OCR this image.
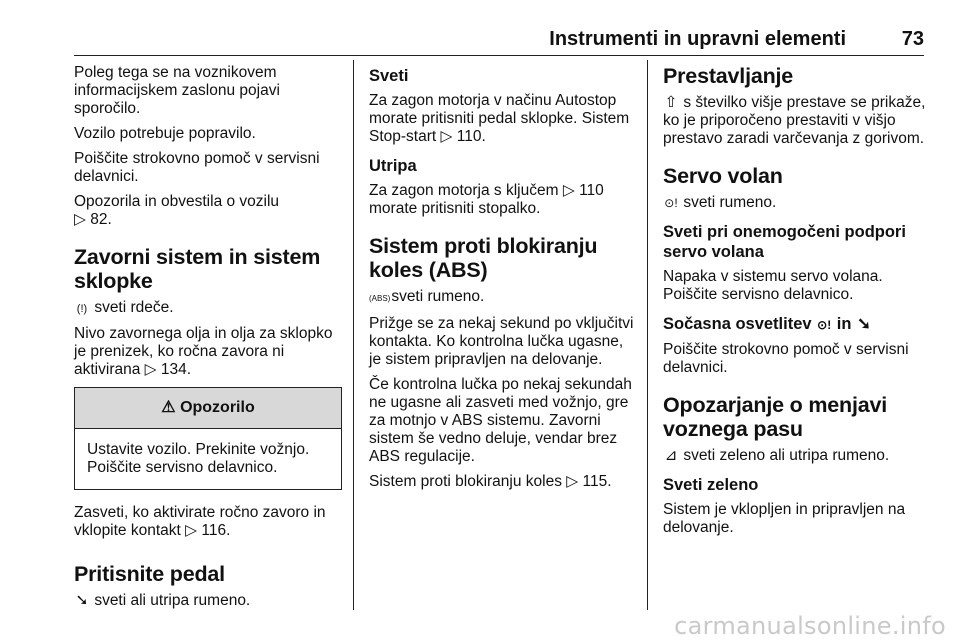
Instrumenti in upravni elementi	73

Poleg tega se na voznikovem informacijskem zaslonu pojavi sporočilo.

Vozilo potrebuje popravilo.

Poiščite strokovno pomoč v servisni delavnici.

Opozorila in obvestila o vozilu
▷ 82.

Zavorni sistem in sistem sklopke

(!) sveti rdeče.

Nivo zavornega olja in olja za sklopko je prenizek, ko ročna zavora ni aktivirana ▷ 134.

⚠ Opozorilo
Ustavite vozilo. Prekinite vožnjo. Poiščite servisno delavnico.

Zasveti, ko aktivirate ročno zavoro in vklopite kontakt ▷ 116.

Pritisnite pedal

➘ sveti ali utripa rumeno.

Sveti

Za zagon motorja v načinu Autostop morate pritisniti pedal sklopke. Sistem Stop-start ▷ 110.

Utripa

Za zagon motorja s ključem ▷ 110 morate pritisniti stopalko.

Sistem proti blokiranju koles (ABS)

(ABS) sveti rumeno.

Prižge se za nekaj sekund po vključitvi kontakta. Ko kontrolna lučka ugasne, je sistem pripravljen na delovanje.

Če kontrolna lučka po nekaj sekundah ne ugasne ali zasveti med vožnjo, gre za motnjo v ABS sistemu. Zavorni sistem še vedno deluje, vendar brez ABS regulacije.

Sistem proti blokiranju koles ▷ 115.

Prestavljanje

⇧ s številko višje prestave se prikaže, ko je priporočeno prestaviti v višjo prestavo zaradi varčevanja z gorivom.

Servo volan

⊙! sveti rumeno.

Sveti pri onemogočeni podpori servo volana

Napaka v sistemu servo volana. Poiščite servisno delavnico.

Sočasna osvetlitev ⊙! in ➘

Poiščite strokovno pomoč v servisni delavnici.

Opozarjanje o menjavi voznega pasu

⊿ sveti zeleno ali utripa rumeno.

Sveti zeleno

Sistem je vklopljen in pripravljen na delovanje.

carmanualsonline.info
